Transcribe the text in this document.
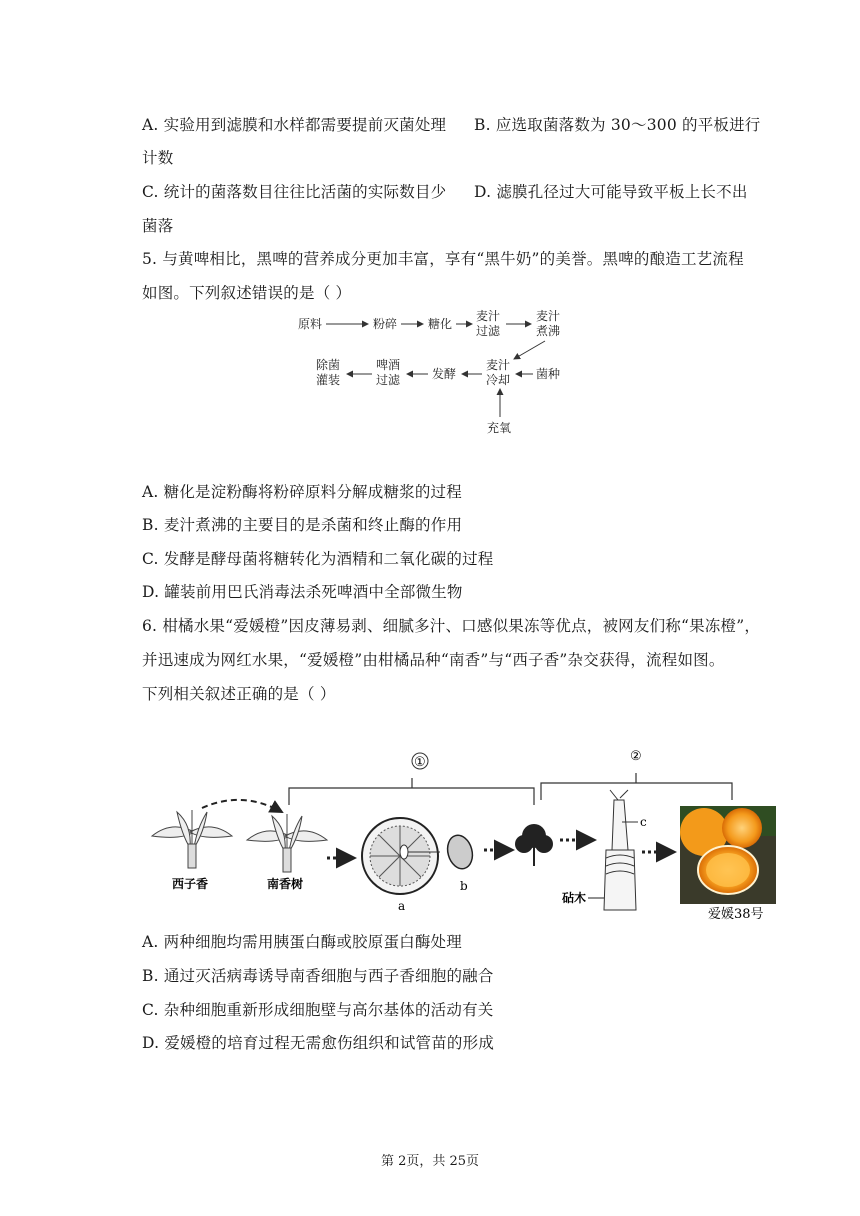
A. 实验用到滤膜和水样都需要提前灭菌处理 B. 应选取菌落数为 30～300 的平板进行
计数
C. 统计的菌落数目往往比活菌的实际数目少 D. 滤膜孔径过大可能导致平板上长不出
菌落
5. 与黄啤相比，黑啤的营养成分更加丰富，享有“黑牛奶”的美誉。黑啤的酿造工艺流程
如图。下列叙述错误的是（ ）
原料	粉碎	糖化
麦汁
过滤
麦汁
煮沸
麦汁
冷却 菌种
发酵
啤酒
过滤
除菌
灌装
充氧
A. 糖化是淀粉酶将粉碎原料分解成糖浆的过程
B. 麦汁煮沸的主要目的是杀菌和终止酶的作用
C. 发酵是酵母菌将糖转化为酒精和二氧化碳的过程
D. 罐装前用巴氏消毒法杀死啤酒中全部微生物
6. 柑橘水果“爱媛橙”因皮薄易剥、细腻多汁、口感似果冻等优点，被网友们称“果冻橙”，
并迅速成为网红水果，“爱媛橙”由柑橘品种“南香”与“西子香”杂交获得，流程如图。
下列相关叙述正确的是（ ）
①	②
西子香	南香树
a
b
c
砧木
爱媛38号
A. 两种细胞均需用胰蛋白酶或胶原蛋白酶处理
B. 通过灭活病毒诱导南香细胞与西子香细胞的融合
C. 杂种细胞重新形成细胞壁与高尔基体的活动有关
D. 爱媛橙的培育过程无需愈伤组织和试管苗的形成
第 2页，共 25页
